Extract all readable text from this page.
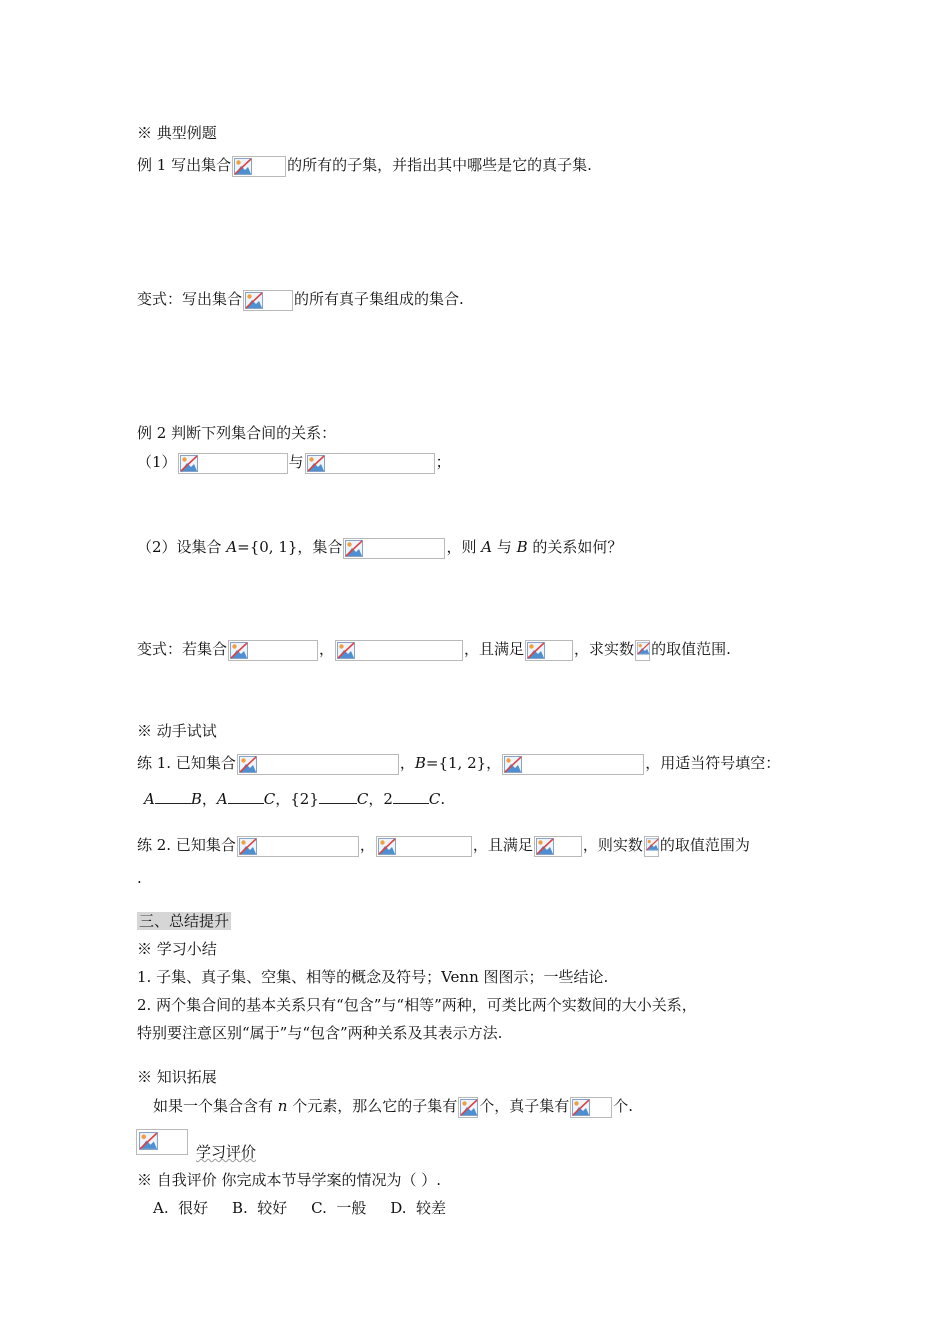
※ 典型例题
例 1 写出集合	的所有的子集，并指出其中哪些是它的真子集.
变式：写出集合	的所有真子集组成的集合.
例 2 判断下列集合间的关系：
（1）	与	；
（2）设集合 A={0, 1}，集合	，则 A 与 B 的关系如何？
变式：若集合	，	，且满足	，求实数 的取值范围.
※ 动手试试
练 1. 已知集合	，B={1, 2}，	，用适当符号填空：
A B，A C，{2}	C，2 C.
练 2. 已知集合	，	，且满足	，则实数 的取值范围为
.
三、总结提升
※ 学习小结
1. 子集、真子集、空集、相等的概念及符号；Venn 图图示；一些结论.
2. 两个集合间的基本关系只有“包含”与“相等”两种，可类比两个实数间的大小关系，
特别要注意区别“属于”与“包含”两种关系及其表示方法.
※ 知识拓展
如果一个集合含有 n 个元素，那么它的子集有 个，真子集有	个.
学习评价
※ 自我评价 你完成本节导学案的情况为（ ）.
A.  很好     B.  较好     C.  一般     D.  较差
